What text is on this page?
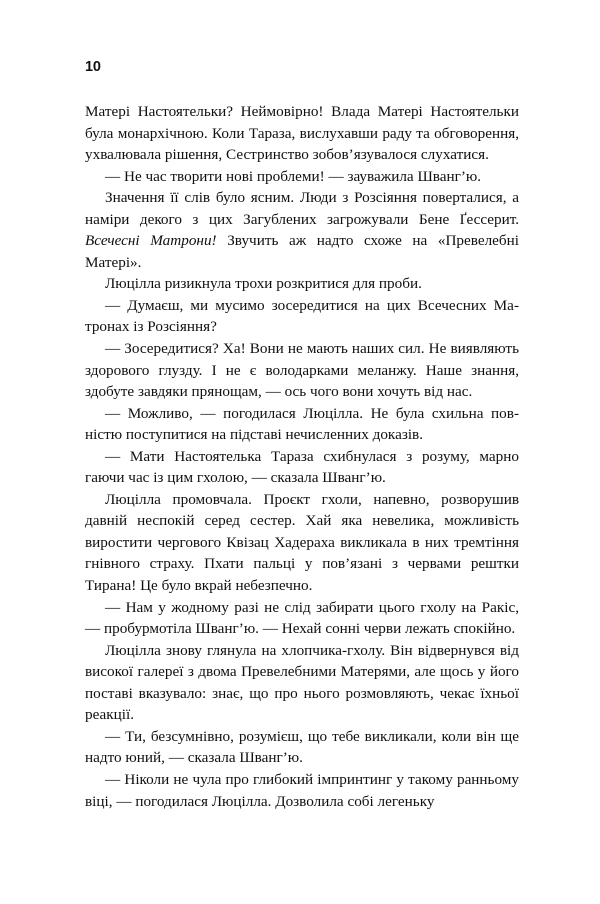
10

Матері Настоятельки? Неймовірно! Влада Матері Настоятельки була монархічною. Коли Тараза, вислухавши раду та обговорення, ухвалювала рішення, Сестринство зобов’язувалося слухатися.

— Не час творити нові проблеми! — зауважила Шванг’ю.

Значення її слів було ясним. Люди з Розсіяння поверталися, а наміри декого з цих Загублених загрожували Бене Ґессерит. Всечесні Матрони! Звучить аж надто схоже на «Превелебні Матері».

Люцілла ризикнула трохи розкритися для проби.

— Думаєш, ми мусимо зосередитися на цих Всечесних Матронах із Розсіяння?

— Зосередитися? Ха! Вони не мають наших сил. Не виявляють здорового глузду. І не є володарками меланжу. Наше знання, здобуте завдяки прянощам, — ось чого вони хочуть від нас.

— Можливо, — погодилася Люцілла. Не була схильна повністю поступитися на підставі нечисленних доказів.

— Мати Настоятелька Тараза схибнулася з розуму, марно гаючи час із цим гхолою, — сказала Шванг’ю.

Люцілла промовчала. Проєкт гхоли, напевно, розворушив давній неспокій серед сестер. Хай яка невелика, можливість виростити чергового Квізац Хадераха викликала в них тремтіння гнівного страху. Пхати пальці у пов’язані з червами рештки Тирана! Це було вкрай небезпечно.

— Нам у жодному разі не слід забирати цього гхолу на Ракіс, — пробурмотіла Шванг’ю. — Нехай сонні черви лежать спокійно.

Люцілла знову глянула на хлопчика-гхолу. Він відвернувся від високої галереї з двома Превелебними Матерями, але щось у його поставі вказувало: знає, що про нього розмовляють, чекає їхньої реакції.

— Ти, безсумнівно, розумієш, що тебе викликали, коли він ще надто юний, — сказала Шванг’ю.

— Ніколи не чула про глибокий імпринтинг у такому ранньому віці, — погодилася Люцілла. Дозволила собі легеньку
